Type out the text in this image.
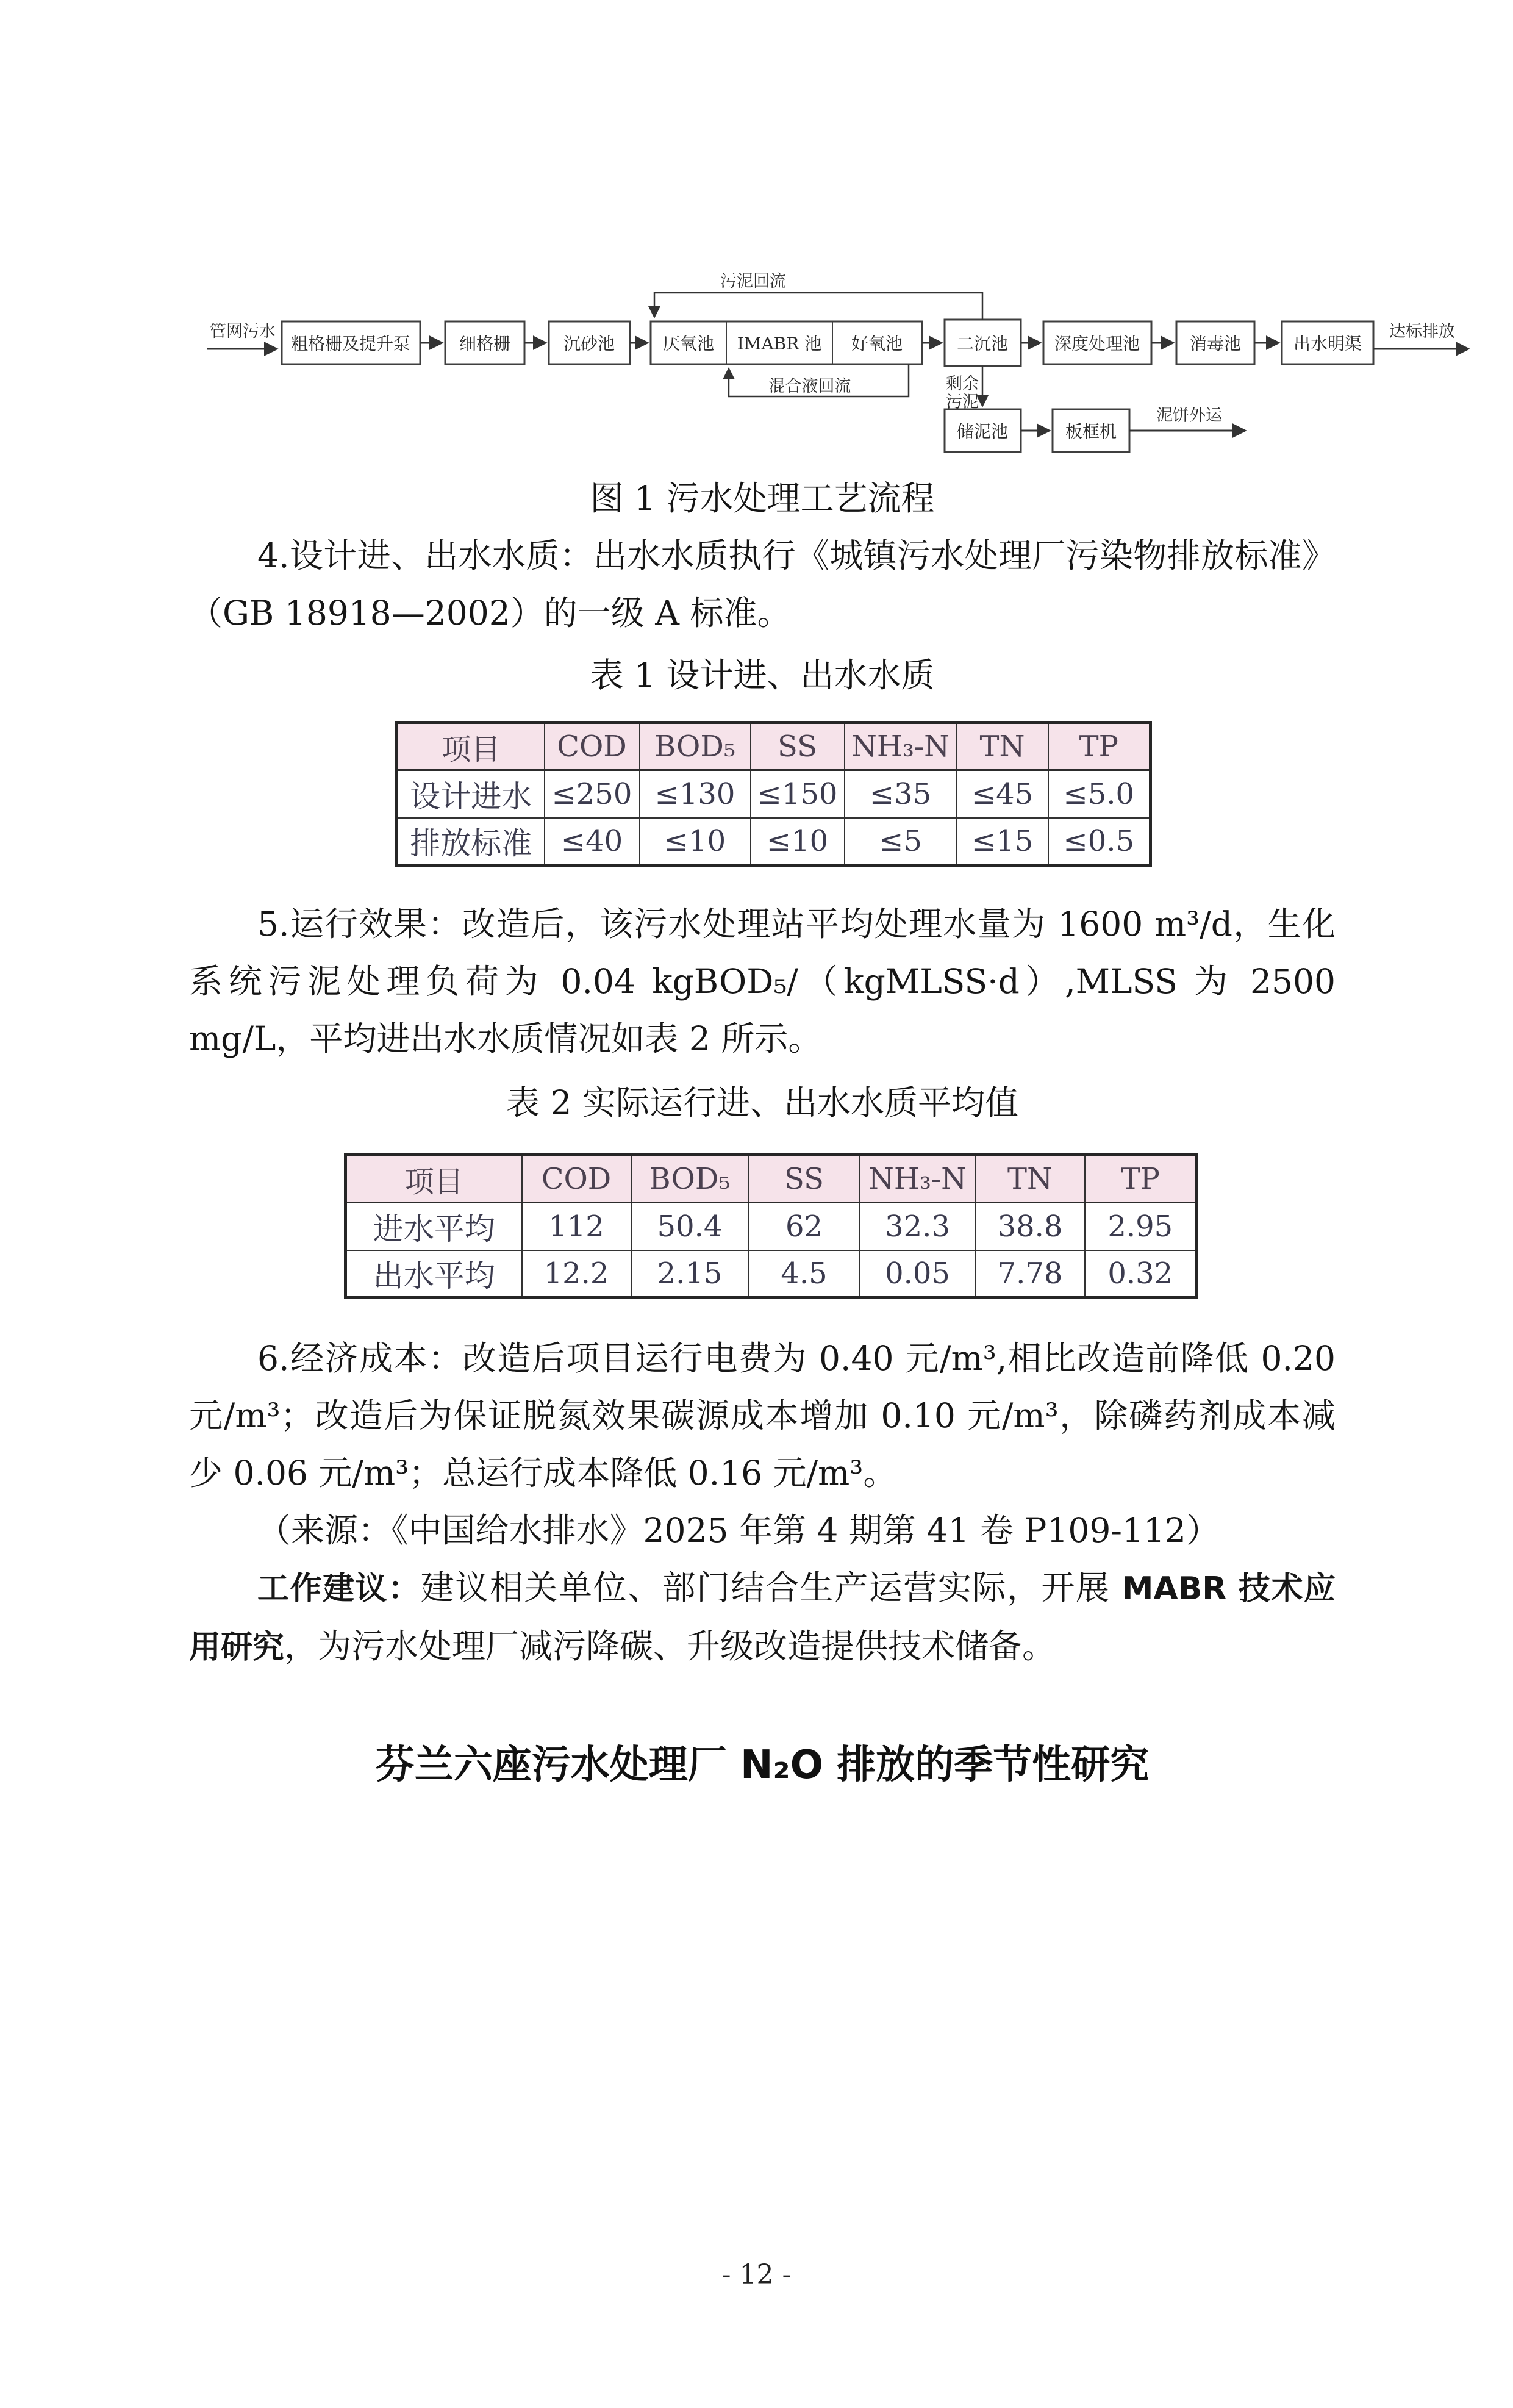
管网污水
粗格栅及提升泵	细格栅	沉砂池	厌氧池 IMABR 池 好氧池	二沉池	深度处理池	消毒池	出水明渠
达标排放
污泥回流
混合液回流	剩余
污泥
储泥池	板框机
泥饼外运
图 1 污水处理工艺流程

4.设计进、出水水质：出水水质执行《城镇污水处理厂污染物排放标准》（GB 18918—2002）的一级 A 标准。

表 1 设计进、出水水质
项目	COD	BOD₅	SS	NH₃-N	TN	TP
设计进水	≤250	≤130	≤150	≤35	≤45	≤5.0
排放标准	≤40	≤10	≤10	≤5	≤15	≤0.5

5.运行效果：改造后，该污水处理站平均处理水量为 1600 m³/d，生化系统污泥处理负荷为 0.04 kgBOD₅/（kgMLSS·d）,MLSS 为 2500 mg/L，平均进出水水质情况如表 2 所示。

表 2 实际运行进、出水水质平均值
项目	COD	BOD₅	SS	NH₃-N	TN	TP
进水平均	112	50.4	62	32.3	38.8	2.95
出水平均	12.2	2.15	4.5	0.05	7.78	0.32

6.经济成本：改造后项目运行电费为 0.40 元/m³,相比改造前降低 0.20 元/m³；改造后为保证脱氮效果碳源成本增加 0.10 元/m³，除磷药剂成本减少 0.06 元/m³；总运行成本降低 0.16 元/m³。

（来源：《中国给水排水》2025 年第 4 期第 41 卷 P109-112）

工作建议：建议相关单位、部门结合生产运营实际，开展 MABR 技术应用研究，为污水处理厂减污降碳、升级改造提供技术储备。

芬兰六座污水处理厂 N₂O 排放的季节性研究
- 12 -
